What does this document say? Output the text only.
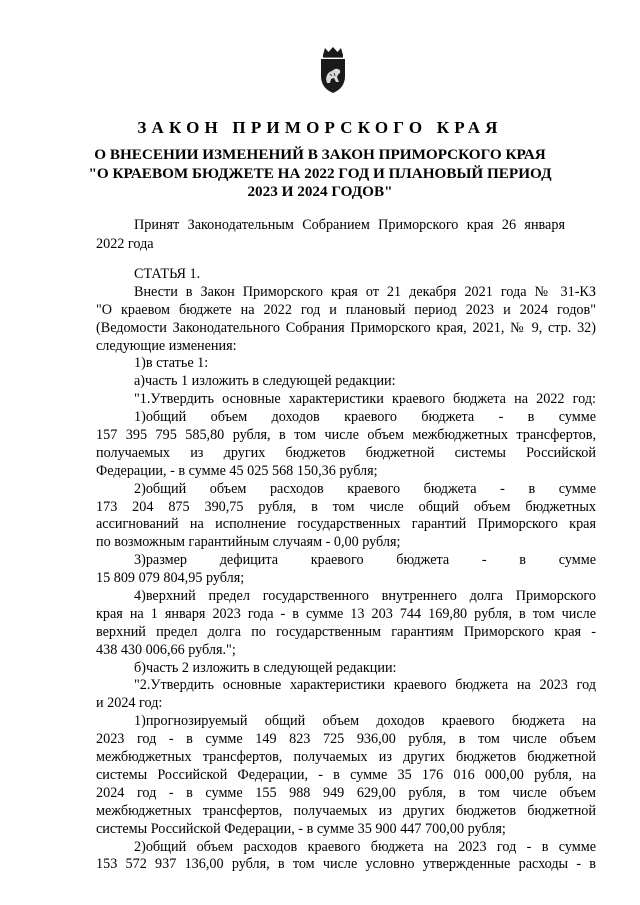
ЗАКОН ПРИМОРСКОГО КРАЯ
О ВНЕСЕНИИ ИЗМЕНЕНИЙ В ЗАКОН ПРИМОРСКОГО КРАЯ
"О КРАЕВОМ БЮДЖЕТЕ НА 2022 ГОД И ПЛАНОВЫЙ ПЕРИОД
2023 И 2024 ГОДОВ"
Принят Законодательным Собранием Приморского края 26 января
2022 года
СТАТЬЯ 1.
Внести в Закон Приморского края от 21 декабря 2021 года № 31-КЗ
"О краевом бюджете на 2022 год и плановый период 2023 и 2024 годов"
(Ведомости Законодательного Собрания Приморского края, 2021, № 9, стр. 32)
следующие изменения:
1)в статье 1:
а)часть 1 изложить в следующей редакции:
"1.Утвердить основные характеристики краевого бюджета на 2022 год:
1)общий объем доходов краевого бюджета - в сумме
157 395 795 585,80 рубля, в том числе объем межбюджетных трансфертов,
получаемых из других бюджетов бюджетной системы Российской
Федерации, - в сумме 45 025 568 150,36 рубля;
2)общий объем расходов краевого бюджета - в сумме
173 204 875 390,75 рубля, в том числе общий объем бюджетных
ассигнований на исполнение государственных гарантий Приморского края
по возможным гарантийным случаям - 0,00 рубля;
3)размер дефицита краевого бюджета - в сумме
15 809 079 804,95 рубля;
4)верхний предел государственного внутреннего долга Приморского
края на 1 января 2023 года - в сумме 13 203 744 169,80 рубля, в том числе
верхний предел долга по государственным гарантиям Приморского края -
438 430 006,66 рубля.";
б)часть 2 изложить в следующей редакции:
"2.Утвердить основные характеристики краевого бюджета на 2023 год
и 2024 год:
1)прогнозируемый общий объем доходов краевого бюджета на
2023 год - в сумме 149 823 725 936,00 рубля, в том числе объем
межбюджетных трансфертов, получаемых из других бюджетов бюджетной
системы Российской Федерации, - в сумме 35 176 016 000,00 рубля, на
2024 год - в сумме 155 988 949 629,00 рубля, в том числе объем
межбюджетных трансфертов, получаемых из других бюджетов бюджетной
системы Российской Федерации, - в сумме 35 900 447 700,00 рубля;
2)общий объем расходов краевого бюджета на 2023 год - в сумме
153 572 937 136,00 рубля, в том числе условно утвержденные расходы - в
